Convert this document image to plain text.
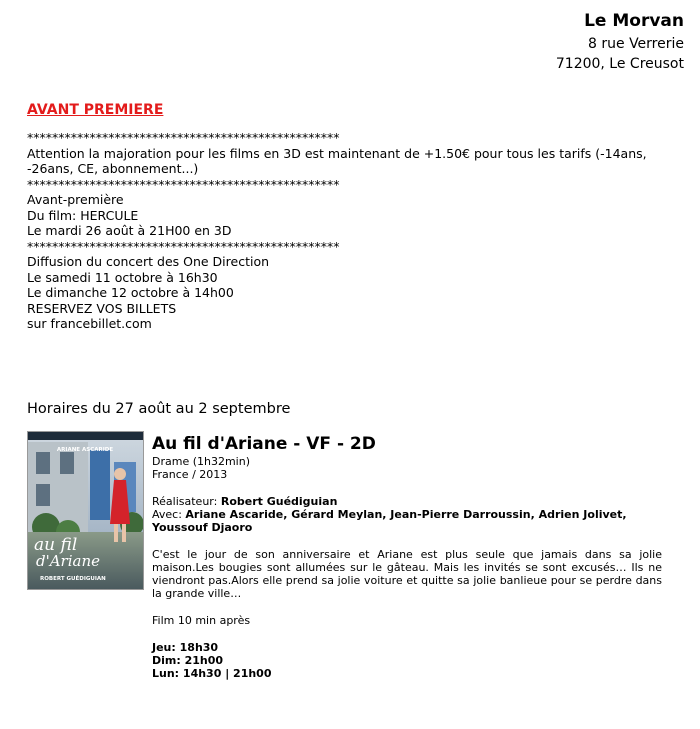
Le Morvan
8 rue Verrerie
71200, Le Creusot
AVANT PREMIERE
**************************************************
Attention la majoration pour les films en 3D est maintenant de +1.50€ pour tous les tarifs (-14ans, -26ans, CE, abonnement...)
**************************************************
Avant-première
Du film: HERCULE
Le mardi 26 août à 21H00 en 3D
**************************************************
Diffusion du concert des One Direction
Le samedi 11 octobre à 16h30
Le dimanche 12 octobre à 14h00
RESERVEZ VOS BILLETS
sur francebillet.com
Horaires du 27 août au 2 septembre
ARIANE ASCARIDE
au fil
d'Ariane
ROBERT GUÉDIGUIAN
Au fil d'Ariane - VF - 2D
Drame (1h32min)
France / 2013
Réalisateur: Robert Guédiguian
Avec: Ariane Ascaride, Gérard Meylan, Jean-Pierre Darroussin, Adrien Jolivet, Youssouf Djaoro
C'est le jour de son anniversaire et Ariane est plus seule que jamais dans sa jolie maison.Les bougies sont allumées sur le gâteau. Mais les invités se sont excusés… Ils ne viendront pas.Alors elle prend sa jolie voiture et quitte sa jolie banlieue pour se perdre dans la grande ville…
Film 10 min après
Jeu: 18h30
Dim: 21h00
Lun: 14h30 | 21h00
